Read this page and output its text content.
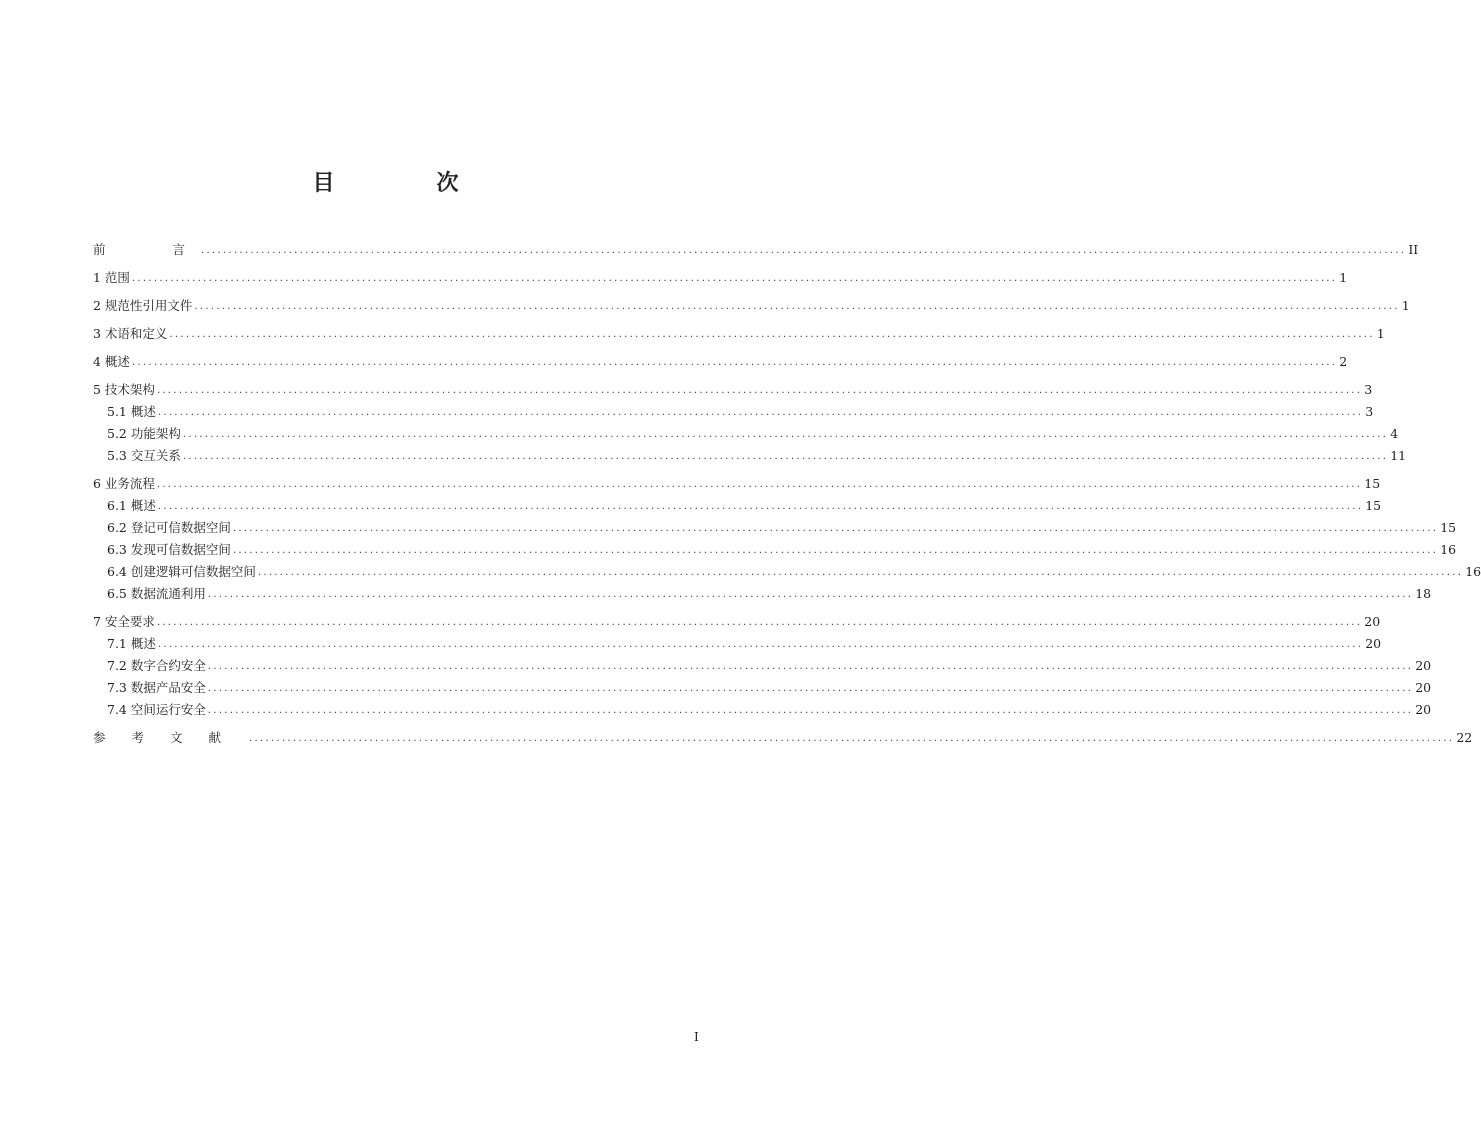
目　次
前　　言 ............................................................................................................................................................................................................................ II
1 范围 ............................................................................................................................................................................................................................ 1
2 规范性引用文件 ............................................................................................................................................................................................................................ 1
3 术语和定义 ............................................................................................................................................................................................................................ 1
4 概述 ............................................................................................................................................................................................................................ 2
5 技术架构 ............................................................................................................................................................................................................................ 3
5.1 概述 ............................................................................................................................................................................................................................ 3
5.2 功能架构 ............................................................................................................................................................................................................................ 4
5.3 交互关系 ............................................................................................................................................................................................................................ 11
6 业务流程 ............................................................................................................................................................................................................................ 15
6.1 概述 ............................................................................................................................................................................................................................ 15
6.2 登记可信数据空间 ............................................................................................................................................................................................................................ 15
6.3 发现可信数据空间 ............................................................................................................................................................................................................................ 16
6.4 创建逻辑可信数据空间 ............................................................................................................................................................................................................................ 16
6.5 数据流通利用 ............................................................................................................................................................................................................................ 18
7 安全要求 ............................................................................................................................................................................................................................ 20
7.1 概述 ............................................................................................................................................................................................................................ 20
7.2 数字合约安全 ............................................................................................................................................................................................................................ 20
7.3 数据产品安全 ............................................................................................................................................................................................................................ 20
7.4 空间运行安全 ............................................................................................................................................................................................................................ 20
参考文献 ............................................................................................................................................................................................................................ 22
I
